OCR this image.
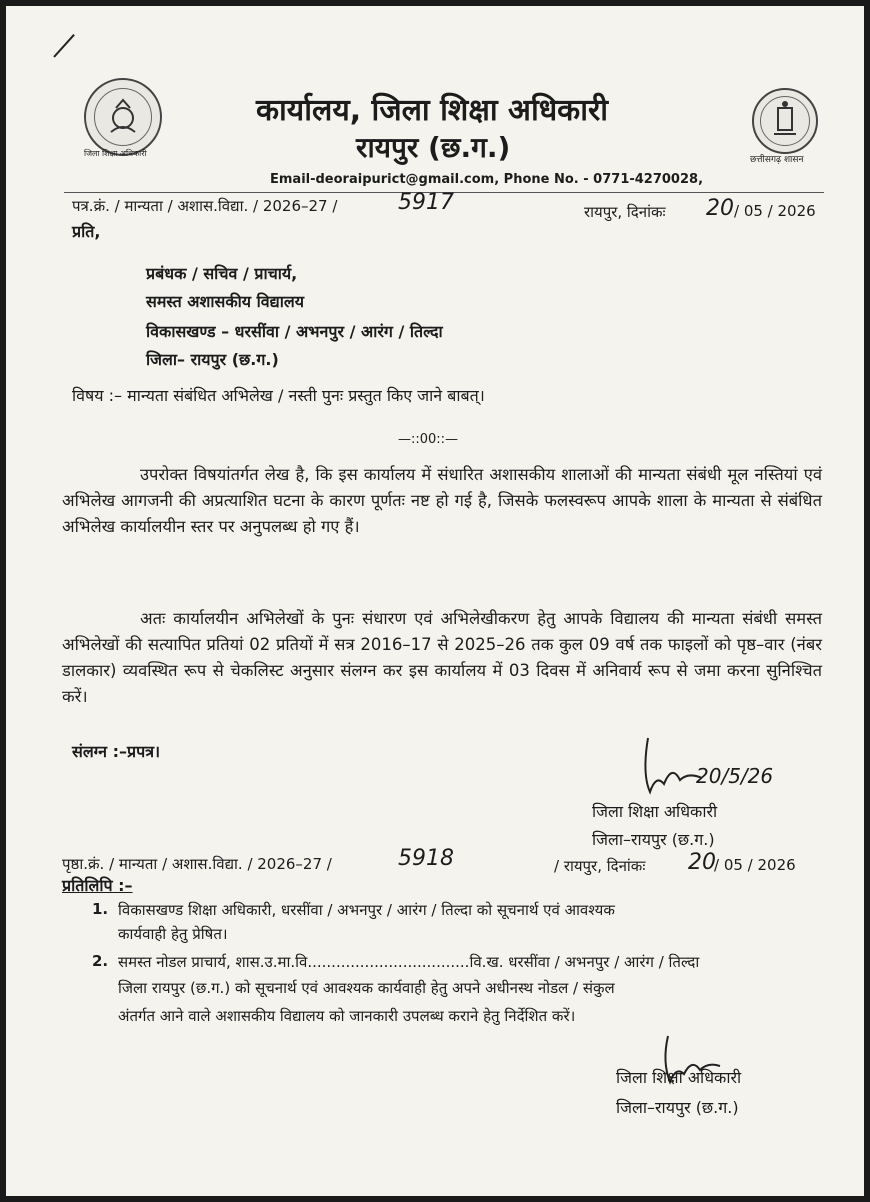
जिला शिक्षा अधिकारी
छत्तीसगढ़ शासन
कार्यालय, जिला शिक्षा अधिकारी
रायपुर (छ.ग.)
Email-deoraipurict@gmail.com, Phone No. - 0771-4270028,
पत्र.क्रं. / मान्यता / अशास.विद्या. / 2026–27 /	5917	रायपुर, दिनांकः 20 / 05 / 2026
प्रति,
प्रबंधक / सचिव / प्राचार्य,
समस्त अशासकीय विद्यालय
विकासखण्ड – धरसींवा / अभनपुर / आरंग / तिल्दा
जिला– रायपुर (छ.ग.)
विषय :– मान्यता संबंधित अभिलेख / नस्ती पुनः प्रस्तुत किए जाने बाबत्।
—::00::—
उपरोक्त विषयांतर्गत लेख है, कि इस कार्यालय में संधारित अशासकीय शालाओं की मान्यता संबंधी मूल नस्तियां एवं अभिलेख आगजनी की अप्रत्याशित घटना के कारण पूर्णतः नष्ट हो गई है, जिसके फलस्वरूप आपके शाला के मान्यता से संबंधित अभिलेख कार्यालयीन स्तर पर अनुपलब्ध हो गए हैं।
अतः कार्यालयीन अभिलेखों के पुनः संधारण एवं अभिलेखीकरण हेतु आपके विद्यालय की मान्यता संबंधी समस्त अभिलेखों की सत्यापित प्रतियां 02 प्रतियों में सत्र 2016–17 से 2025–26 तक कुल 09 वर्ष तक फाइलों को पृष्ठ–वार (नंबर डालकार) व्यवस्थित रूप से चेकलिस्ट अनुसार संलग्न कर इस कार्यालय में 03 दिवस में अनिवार्य रूप से जमा करना सुनिश्चित करें।
संलग्न :–प्रपत्र।
20/5/26
जिला शिक्षा अधिकारी
जिला–रायपुर (छ.ग.)
पृष्ठा.क्रं. / मान्यता / अशास.विद्या. / 2026–27 /	5918	/ रायपुर, दिनांकः 20
/ 05 / 2026
प्रतिलिपि :–
1. विकासखण्ड शिक्षा अधिकारी, धरसींवा / अभनपुर / आरंग / तिल्दा को सूचनार्थ एवं आवश्यक
कार्यवाही हेतु प्रेषित।
2. समस्त नोडल प्राचार्य, शास.उ.मा.वि..................................वि.ख. धरसींवा / अभनपुर / आरंग / तिल्दा
जिला रायपुर (छ.ग.) को सूचनार्थ एवं आवश्यक कार्यवाही हेतु अपने अधीनस्थ नोडल / संकुल
अंतर्गत आने वाले अशासकीय विद्यालय को जानकारी उपलब्ध कराने हेतु निर्देशित करें।
जिला शिक्षा अधिकारी
जिला–रायपुर (छ.ग.)
